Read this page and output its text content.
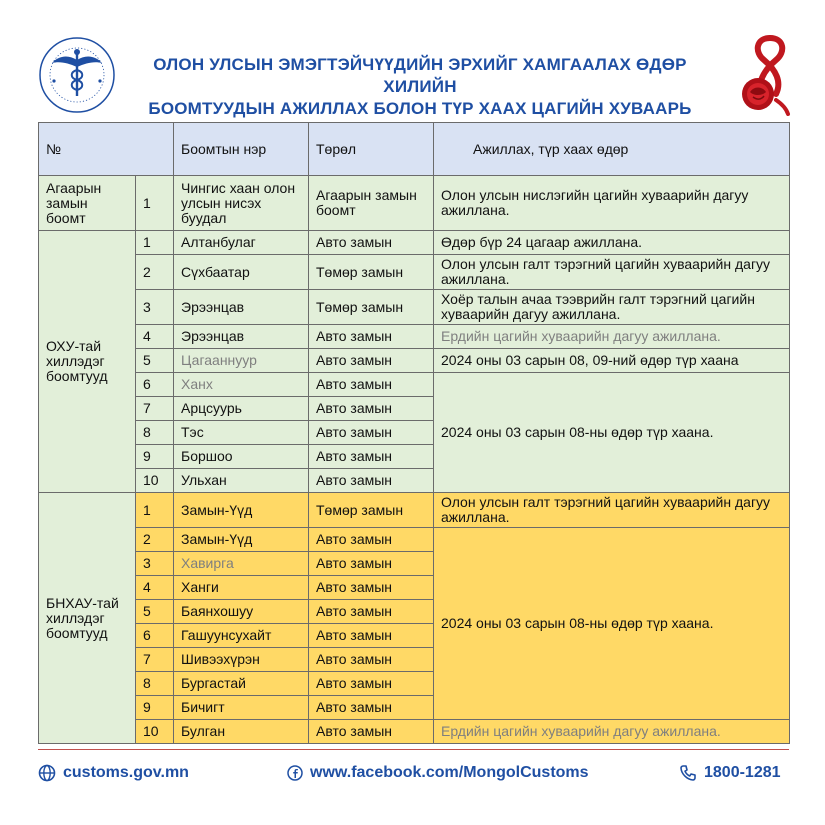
ОЛОН УЛСЫН ЭМЭГТЭЙЧҮҮДИЙН ЭРХИЙГ ХАМГААЛАХ ӨДӨР ХИЛИЙН
БООМТУУДЫН АЖИЛЛАХ БОЛОН ТҮР ХААХ ЦАГИЙН ХУВААРЬ
№		Боомтын нэр	Төрөл	Ажиллах, түр хаах өдөр
Агаарын замын боомт	1	Чингис хаан олон улсын нисэх буудал	Агаарын замын боомт	Олон улсын нислэгийн цагийн хуваарийн дагуу ажиллана.

ОХУ-тай хиллэдэг боомтууд	1	Алтанбулаг	Авто замын	Өдөр бүр 24 цагаар ажиллана.
	2	Сүхбаатар	Төмөр замын	Олон улсын галт тэрэгний цагийн хуваарийн дагуу ажиллана.
	3	Эрээнцав	Төмөр замын	Хоёр талын ачаа тээврийн галт тэрэгний цагийн хуваарийн дагуу ажиллана.
	4	Эрээнцав	Авто замын	Ердийн цагийн хуваарийн дагуу ажиллана.
	5	Цагааннуур	Авто замын	2024 оны 03 сарын 08, 09-ний өдөр түр хаана
	6	Ханх	Авто замын	2024 оны 03 сарын 08-ны өдөр түр хаана.
	7	Арцсуурь	Авто замын	
	8	Тэс	Авто замын	
	9	Боршоо	Авто замын	
	10	Ульхан	Авто замын	

БНХАУ-тай хиллэдэг боомтууд	1	Замын-Үүд	Төмөр замын	Олон улсын галт тэрэгний цагийн хуваарийн дагуу ажиллана.
	2	Замын-Үүд	Авто замын	2024 оны 03 сарын 08-ны өдөр түр хаана.
	3	Хавирга	Авто замын	
	4	Ханги	Авто замын	
	5	Баянхошуу	Авто замын	
	6	Гашуунсухайт	Авто замын	
	7	Шивээхүрэн	Авто замын	
	8	Бургастай	Авто замын	
	9	Бичигт	Авто замын	
	10	Булган	Авто замын	Ердийн цагийн хуваарийн дагуу ажиллана.
customs.gov.mn	www.facebook.com/MongolCustoms	1800-1281
